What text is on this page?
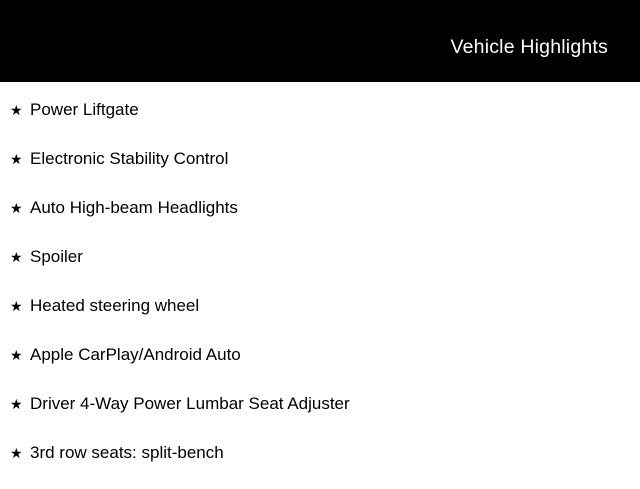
Vehicle Highlights
★ Power Liftgate
★ Electronic Stability Control
★ Auto High-beam Headlights
★ Spoiler
★ Heated steering wheel
★ Apple CarPlay/Android Auto
★ Driver 4-Way Power Lumbar Seat Adjuster
★ 3rd row seats: split-bench
